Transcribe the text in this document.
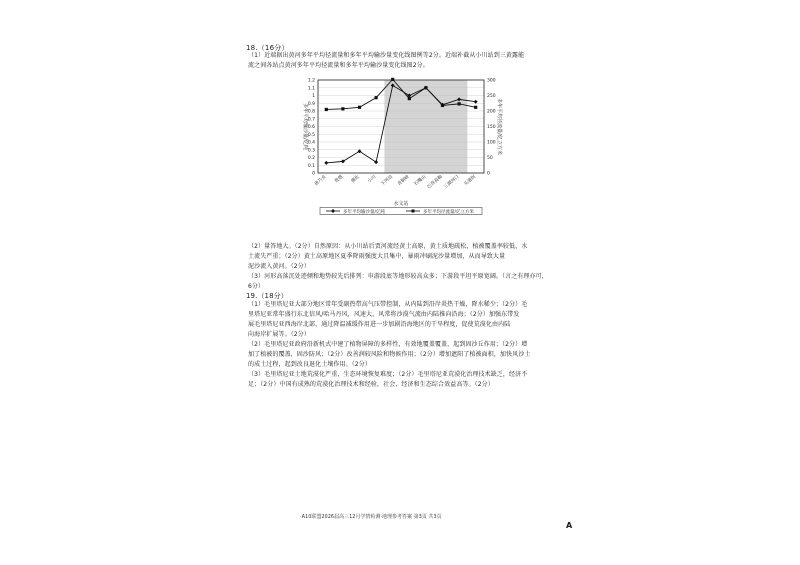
18.（16分）
（1）近端据出黄河多年平均径流量和多年平均输沙量变化线图例等2分。近端补截从小川站到三黄露能
流之间各站点黄河多年平均径流量和多年平均输沙量变化线图2分。
0
0.1
0.2
0.3
0.4
0.5
0.6
0.7
0.8
0.9
1
1.1
1.2
0
50
100
150
200
250
300
唐乃亥 贵德 循化 小川 下河沿 青铜峡 石嘴山 巴彦高勒 三湖河口 头道拐
多年平均输沙量/亿吨	多年平均径流量/亿立方米
水文站
多年平均输沙量/亿吨	多年平均径流量/亿立方米
（2）量答地大。（2分）自然原因：从小川站后贾河流经黄土高原，黄土质地疏松，植被覆盖率较低，水
土流失严重；（2分）黄土高原地区夏季降雨强度大且集中，暴雨冲刷泥沙量增加，从而导致大量
泥沙流入黄河。（2分）
（3）河形高落沉处迹倾和地势较先后排列：申游段底等地形较高众多；下游段平坦平原宽阔。（言之有理亦可，
6分）
19.（18分）
（1）毛里塔尼亚大部分地区常年受副热带高气压带控制，从内陆到沿岸炎热干燥，降水稀少；（2分）毛
里塔尼亚常年盛行东北信风/哈马丹风，风速大，风常将沙漠气流由内陆推向沿海；（2分）加强东带发
展毛里塔尼亚西海岸北部，通过降温减缓作用进一步加剧沿海地区的干旱程度，促使荒漠化由内陆
向海岸扩展等。（2分）
（2）毛里塔尼亚政府沿新机式中建了植物屏障的多样性，有效地覆盖覆盖，起到固沙丘作用；（2分）增
加了植被的覆盖，固沙防风；（2分）改善润较风险和物候作用；（2分）增加遮阳了植被面积，加快风沙土
的成土过程，起到改良退化土壤作用。（2分）
（3）毛里塔尼亚土地荒漠化严重，生态环境恢复难度；（2分）毛里塔尼亚荒漠化治理技术缺乏，经济不
足；（2分）中国有成熟的荒漠化治理技术和经验，社会、经济和生态综合效益高等。（2分）
·A10联盟2026届高三12月学情检测·地理参考答案 第3页 共3页
A
